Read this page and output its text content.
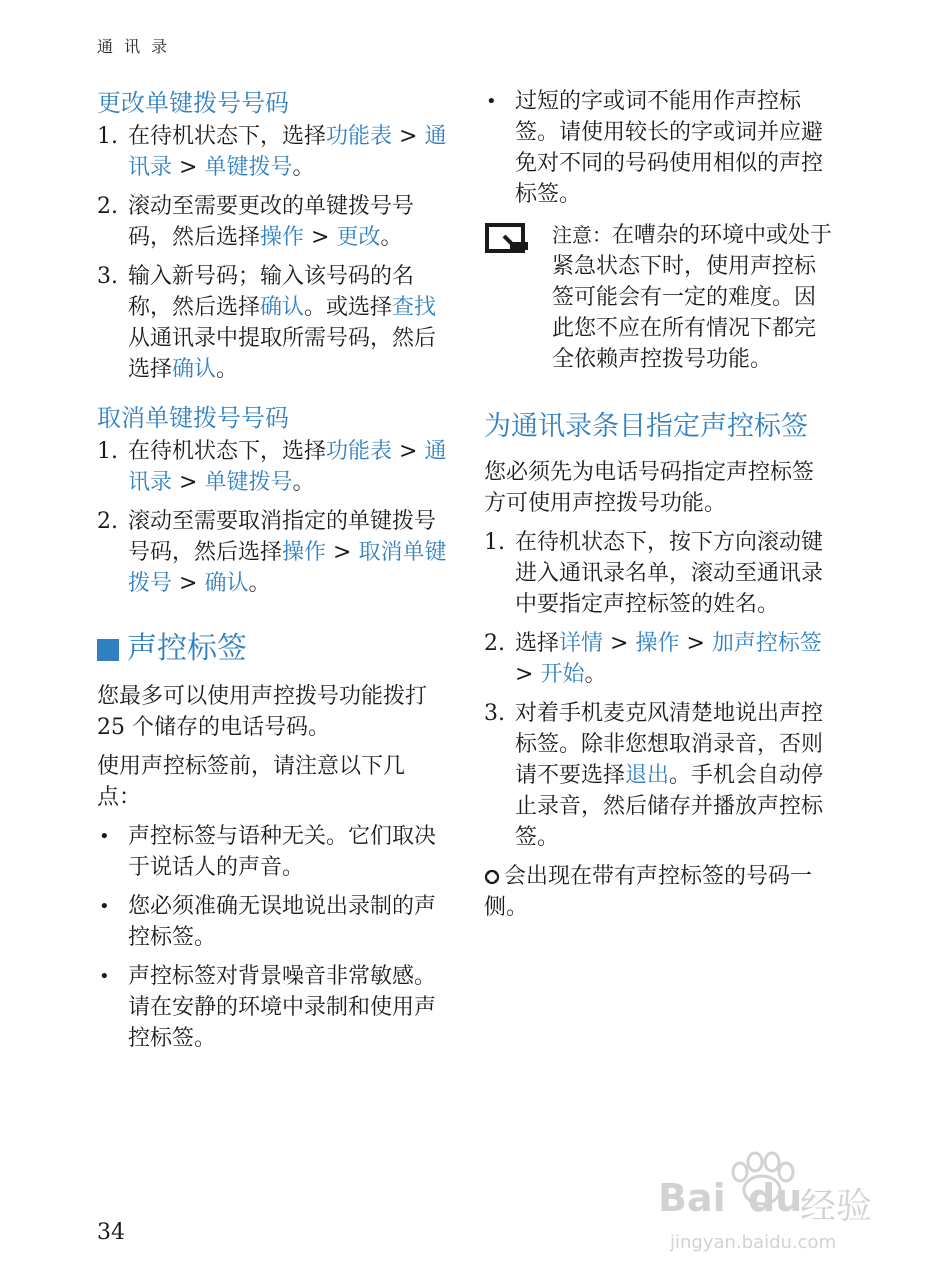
通 讯 录
更改单键拨号号码
1. 在待机状态下，选择功能表 > 通讯录 > 单键拨号。
2. 滚动至需要更改的单键拨号号码，然后选择操作 > 更改。
3. 输入新号码；输入该号码的名称，然后选择确认。或选择查找从通讯录中提取所需号码，然后选择确认。
取消单键拨号号码
1. 在待机状态下，选择功能表 > 通讯录 > 单键拨号。
2. 滚动至需要取消指定的单键拨号号码，然后选择操作 > 取消单键拨号 > 确认。
声控标签

您最多可以使用声控拨号功能拨打 25 个储存的电话号码。

使用声控标签前，请注意以下几点：

• 声控标签与语种无关。它们取决于说话人的声音。
• 您必须准确无误地说出录制的声控标签。
• 声控标签对背景噪音非常敏感。请在安静的环境中录制和使用声控标签。
• 过短的字或词不能用作声控标签。请使用较长的字或词并应避免对不同的号码使用相似的声控标签。
注意：在嘈杂的环境中或处于紧急状态下时，使用声控标签可能会有一定的难度。因此您不应在所有情况下都完全依赖声控拨号功能。
为通讯录条目指定声控标签

您必须先为电话号码指定声控标签方可使用声控拨号功能。

1. 在待机状态下，按下方向滚动键进入通讯录名单，滚动至通讯录中要指定声控标签的姓名。
2. 选择详情 > 操作 > 加声控标签 > 开始。
3. 对着手机麦克风清楚地说出声控标签。除非您想取消录音，否则请不要选择退出。手机会自动停止录音，然后储存并播放声控标签。

会出现在带有声控标签的号码一侧。

34
Bai du
经验
jingyan.baidu.com
